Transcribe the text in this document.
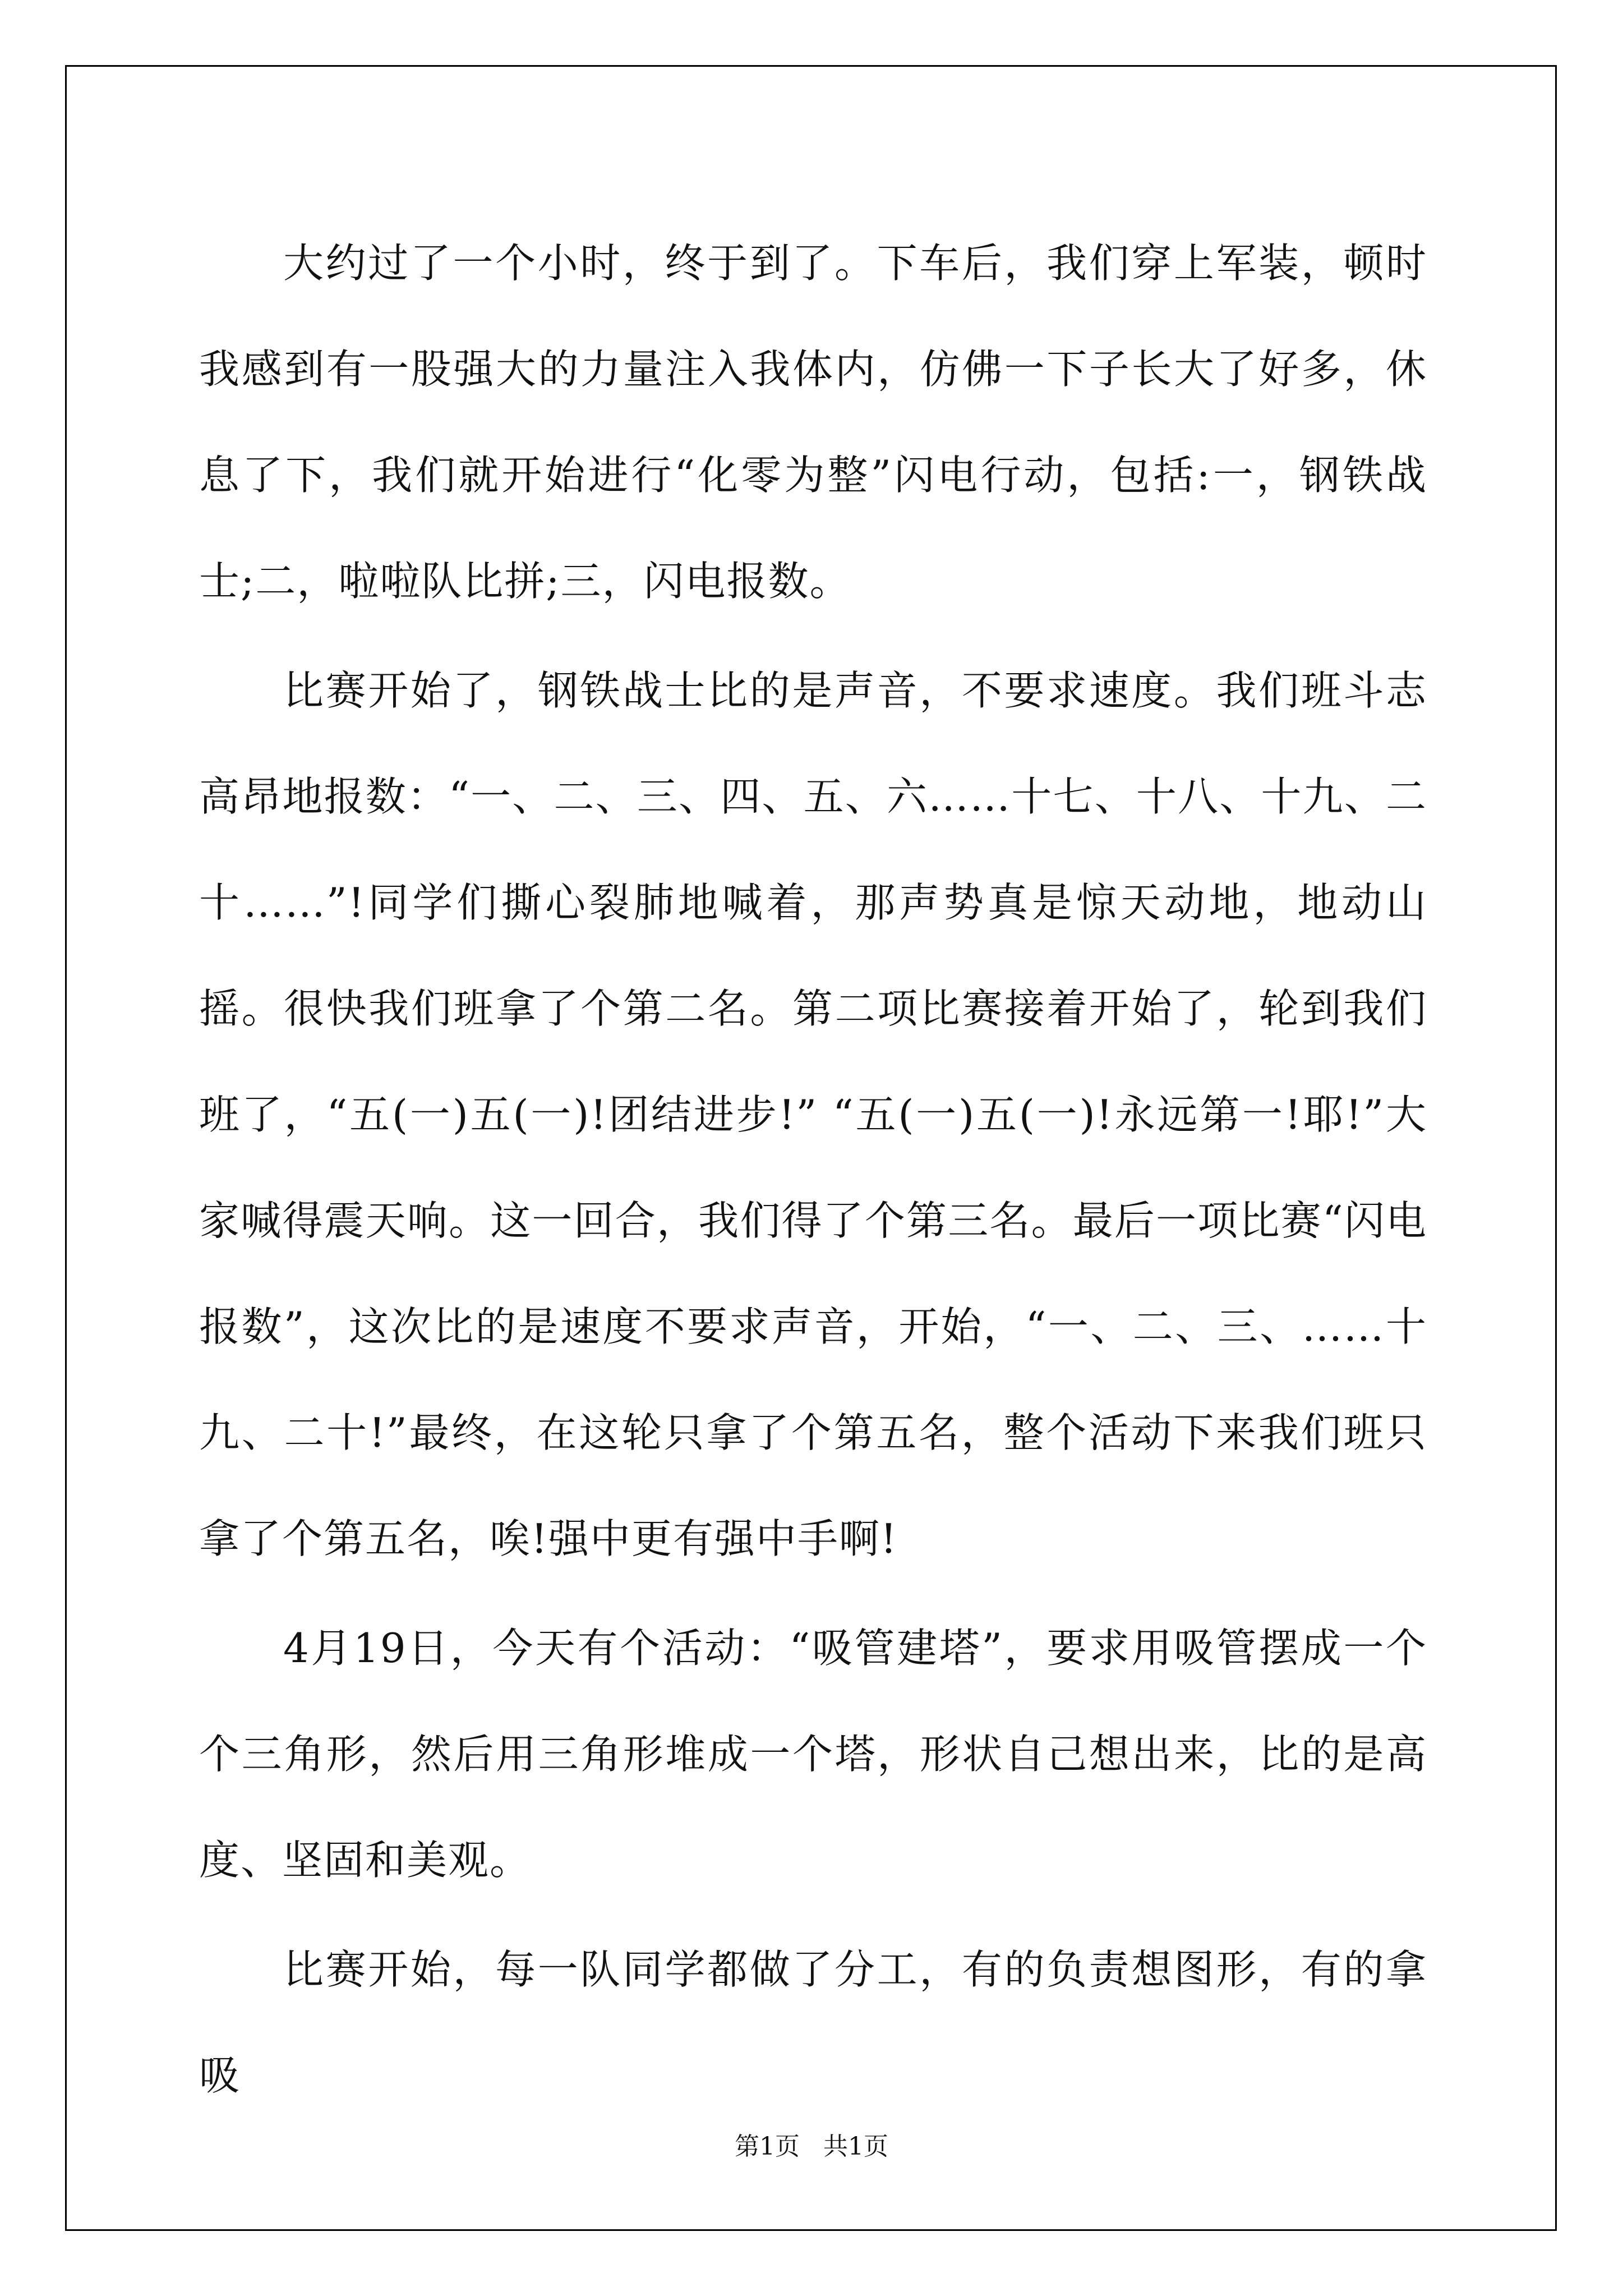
大约过了一个小时，终于到了。下车后，我们穿上军装，顿时我感到有一股强大的力量注入我体内，仿佛一下子长大了好多，休息了下，我们就开始进行“化零为整”闪电行动，包括:一，钢铁战士;二，啦啦队比拼;三，闪电报数。

比赛开始了，钢铁战士比的是声音，不要求速度。我们班斗志高昂地报数：“一、二、三、四、五、六……十七、十八、十九、二十……”!同学们撕心裂肺地喊着，那声势真是惊天动地，地动山摇。很快我们班拿了个第二名。第二项比赛接着开始了，轮到我们班了，“五(一)五(一)!团结进步!” “五(一)五(一)!永远第一!耶!”大家喊得震天响。这一回合，我们得了个第三名。最后一项比赛“闪电报数”，这次比的是速度不要求声音，开始，“一、二、三、……十九、二十!”最终，在这轮只拿了个第五名，整个活动下来我们班只拿了个第五名，唉!强中更有强中手啊!

4月19日，今天有个活动：“吸管建塔”，要求用吸管摆成一个个三角形，然后用三角形堆成一个塔，形状自己想出来，比的是高度、坚固和美观。

比赛开始，每一队同学都做了分工，有的负责想图形，有的拿吸

第1页   共1页
